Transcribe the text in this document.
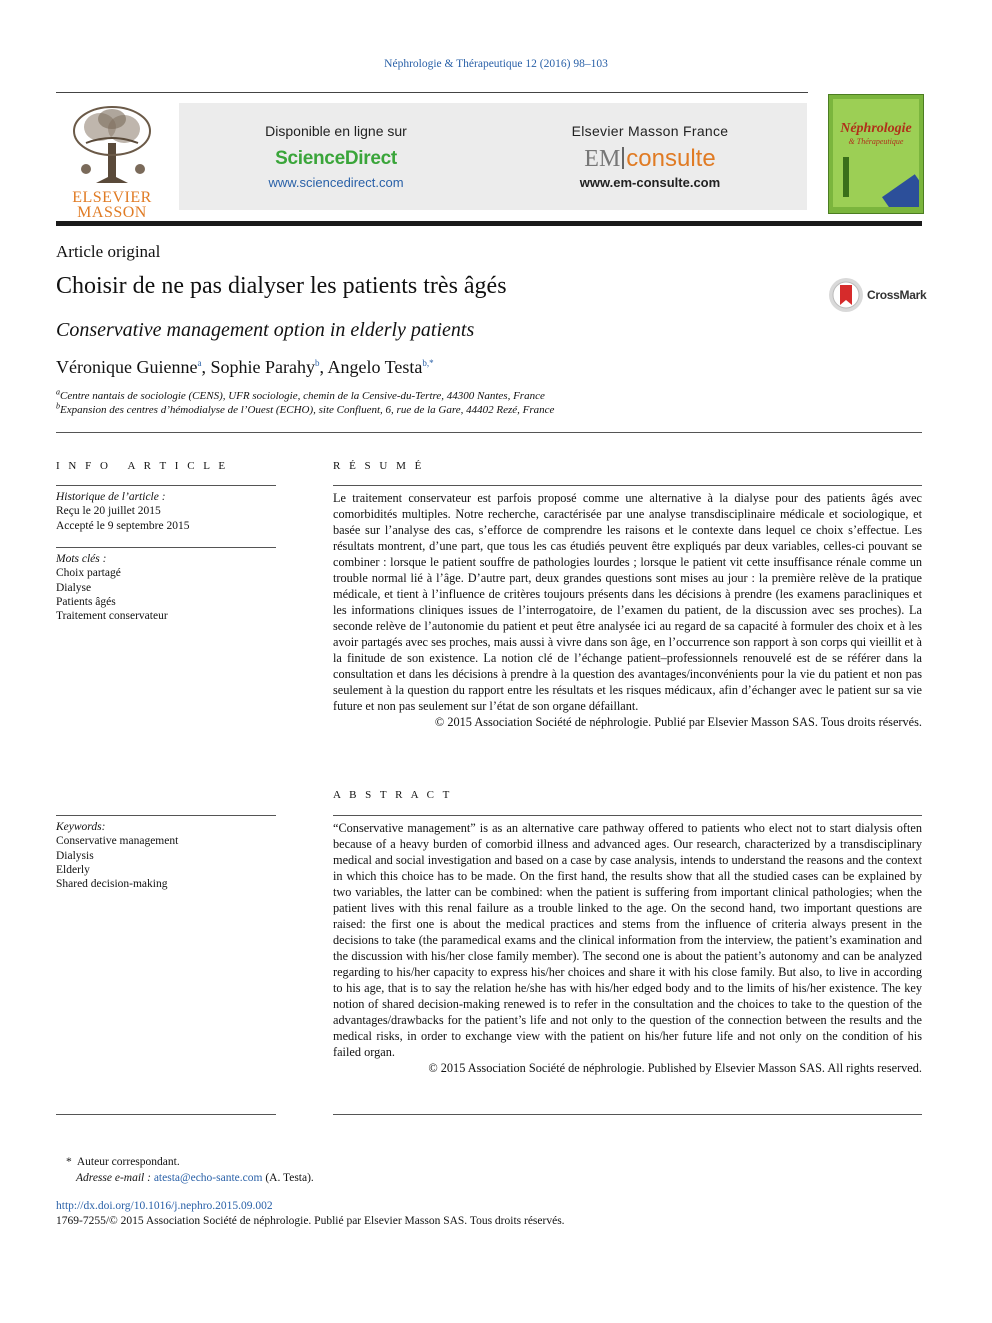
Néphrologie & Thérapeutique 12 (2016) 98–103
ELSEVIER
MASSON
Disponible en ligne sur
ScienceDirect
www.sciencedirect.com
Elsevier Masson France
EM consulte
www.em-consulte.com
Néphrologie
& Thérapeutique
Article original
Choisir de ne pas dialyser les patients très âgés	CrossMark
Conservative management option in elderly patients
Véronique Guienne$^a$, Sophie Parahy$^b$, Angelo Testa$^{b,*}$
$^a$Centre nantais de sociologie (CENS), UFR sociologie, chemin de la Censive-du-Tertre, 44300 Nantes, France
$^b$Expansion des centres d’hémodialyse de l’Ouest (ECHO), site Confluent, 6, rue de la Gare, 44402 Rezé, France
I N F O   A R T I C L E
Historique de l’article :
Reçu le 20 juillet 2015
Accepté le 9 septembre 2015
Mots clés :
Choix partagé
Dialyse
Patients âgés
Traitement conservateur
Keywords:
Conservative management
Dialysis
Elderly
Shared decision-making
R É S U M É

Le traitement conservateur est parfois proposé comme une alternative à la dialyse pour des patients âgés avec comorbidités multiples. Notre recherche, caractérisée par une analyse transdisciplinaire médicale et sociologique, et basée sur l’analyse des cas, s’efforce de comprendre les raisons et le contexte dans lequel ce choix s’effectue. Les résultats montrent, d’une part, que tous les cas étudiés peuvent être expliqués par deux variables, celles-ci pouvant se combiner : lorsque le patient souffre de pathologies lourdes ; lorsque le patient vit cette insuffisance rénale comme un trouble normal lié à l’âge. D’autre part, deux grandes questions sont mises au jour : la première relève de la pratique médicale, et tient à l’influence de critères toujours présents dans les décisions à prendre (les examens paracliniques et les informations cliniques issues de l’interrogatoire, de l’examen du patient, de la discussion avec ses proches). La seconde relève de l’autonomie du patient et peut être analysée ici au regard de sa capacité à formuler des choix et à les avoir partagés avec ses proches, mais aussi à vivre dans son âge, en l’occurrence son rapport à son corps qui vieillit et à la finitude de son existence. La notion clé de l’échange patient–professionnels renouvelé est de se référer dans la consultation et dans les décisions à prendre à la question des avantages/inconvénients pour la vie du patient et non pas seulement à la question du rapport entre les résultats et les risques médicaux, afin d’échanger avec le patient sur sa vie future et non pas seulement sur l’état de son organe défaillant.

© 2015 Association Société de néphrologie. Publié par Elsevier Masson SAS. Tous droits réservés.

A B S T R A C T

“Conservative management” is as an alternative care pathway offered to patients who elect not to start dialysis often because of a heavy burden of comorbid illness and advanced ages. Our research, characterized by a transdisciplinary medical and social investigation and based on a case by case analysis, intends to understand the reasons and the context in which this choice has to be made. On the first hand, the results show that all the studied cases can be explained by two variables, the latter can be combined: when the patient is suffering from important clinical pathologies; when the patient lives with this renal failure as a trouble linked to the age. On the second hand, two important questions are raised: the first one is about the medical practices and stems from the influence of criteria always present in the decisions to take (the paramedical exams and the clinical information from the interview, the patient’s examination and the discussion with his/her close family member). The second one is about the patient’s autonomy and can be analyzed regarding to his/her capacity to express his/her choices and share it with his close family. But also, to live in according to his age, that is to say the relation he/she has with his/her edged body and to the limits of his/her existence. The key notion of shared decision-making renewed is to refer in the consultation and the choices to take to the question of the advantages/drawbacks for the patient’s life and not only to the question of the connection between the results and the medical risks, in order to exchange view with the patient on his/her future life and not only on the condition of his failed organ.

© 2015 Association Société de néphrologie. Published by Elsevier Masson SAS. All rights reserved.

* Auteur correspondant.
Adresse e-mail : atesta@echo-sante.com (A. Testa).
http://dx.doi.org/10.1016/j.nephro.2015.09.002
1769-7255/© 2015 Association Société de néphrologie. Publié par Elsevier Masson SAS. Tous droits réservés.
